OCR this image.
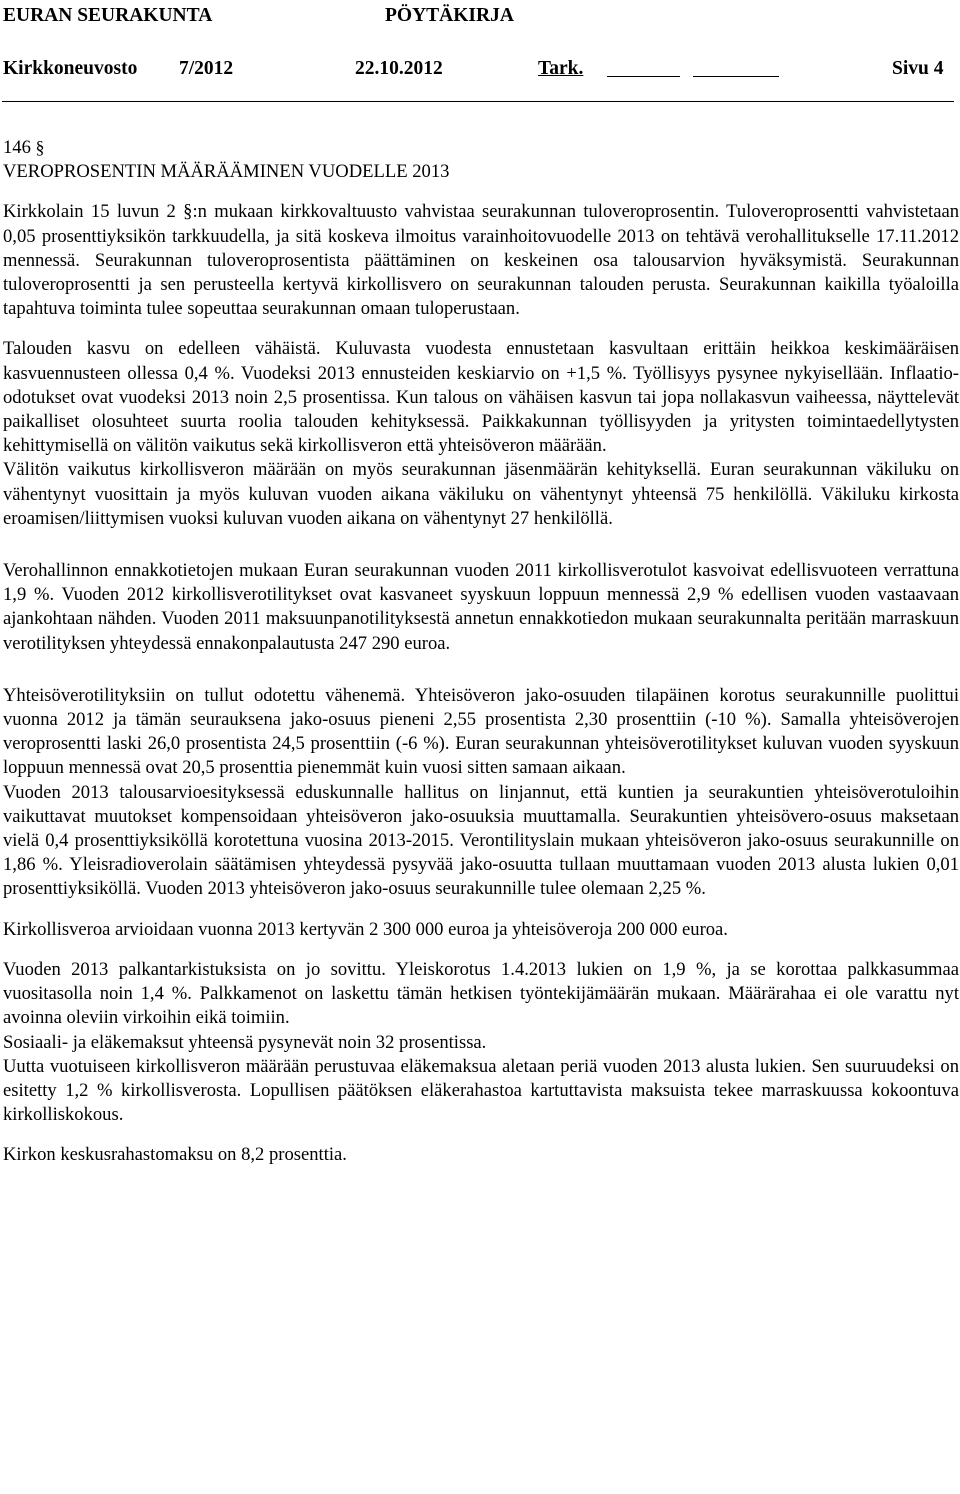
EURAN SEURAKUNTA	PÖYTÄKIRJA
Kirkkoneuvosto 7/2012	22.10.2012	Tark.	Sivu 4

146 §

VEROPROSENTIN MÄÄRÄÄMINEN VUODELLE 2013

Kirkkolain 15 luvun 2 §:n mukaan kirkkovaltuusto vahvistaa seurakunnan tuloveroprosentin. Tuloveroprosentti vahvistetaan 0,05 prosenttiyksikön tarkkuudella, ja sitä koskeva ilmoitus varainhoitovuodelle 2013 on tehtävä verohallitukselle 17.11.2012 mennessä. Seurakunnan tuloveroprosentista päättäminen on keskeinen osa talousarvion hyväksymistä. Seurakunnan tuloveroprosentti ja sen perusteella kertyvä kirkollisvero on seurakunnan talouden perusta. Seurakunnan kaikilla työaloilla tapahtuva toiminta tulee sopeuttaa seurakunnan omaan tuloperustaan.

Talouden kasvu on edelleen vähäistä. Kuluvasta vuodesta ennustetaan kasvultaan erittäin heikkoa keskimääräisen kasvuennusteen ollessa 0,4 %. Vuodeksi 2013 ennusteiden keskiarvio on +1,5 %. Työllisyys pysynee nykyisellään. Inflaatio-odotukset ovat vuodeksi 2013 noin 2,5 prosentissa. Kun talous on vähäisen kasvun tai jopa nollakasvun vaiheessa, näyttelevät paikalliset olosuhteet suurta roolia talouden kehityksessä. Paikkakunnan työllisyyden ja yritysten toimintaedellytysten kehittymisellä on välitön vaikutus sekä kirkollisveron että yhteisöveron määrään.

Välitön vaikutus kirkollisveron määrään on myös seurakunnan jäsenmäärän kehityksellä. Euran seurakunnan väkiluku on vähentynyt vuosittain ja myös kuluvan vuoden aikana väkiluku on vähentynyt yhteensä 75 henkilöllä. Väkiluku kirkosta eroamisen/liittymisen vuoksi kuluvan vuoden aikana on vähentynyt 27 henkilöllä.

Verohallinnon ennakkotietojen mukaan Euran seurakunnan vuoden 2011 kirkollisverotulot kasvoivat edellisvuoteen verrattuna 1,9 %. Vuoden 2012 kirkollisverotilitykset ovat kasvaneet syyskuun loppuun mennessä 2,9 % edellisen vuoden vastaavaan ajankohtaan nähden. Vuoden 2011 maksuunpanotilityksestä annetun ennakkotiedon mukaan seurakunnalta peritään marraskuun verotilityksen yhteydessä ennakonpalautusta 247 290 euroa.

Yhteisöverotilityksiin on tullut odotettu vähenemä. Yhteisöveron jako-osuuden tilapäinen korotus seurakunnille puolittui vuonna 2012 ja tämän seurauksena jako-osuus pieneni 2,55 prosentista 2,30 prosenttiin (-10 %). Samalla yhteisöverojen veroprosentti laski 26,0 prosentista 24,5 prosenttiin (-6 %). Euran seurakunnan yhteisöverotilitykset kuluvan vuoden syyskuun loppuun mennessä ovat 20,5 prosenttia pienemmät kuin vuosi sitten samaan aikaan.

Vuoden 2013 talousarvioesityksessä eduskunnalle hallitus on linjannut, että kuntien ja seurakuntien yhteisöverotuloihin vaikuttavat muutokset kompensoidaan yhteisöveron jako-osuuksia muuttamalla. Seurakuntien yhteisövero-osuus maksetaan vielä 0,4 prosenttiyksiköllä korotettuna vuosina 2013-2015. Verontilityslain mukaan yhteisöveron jako-osuus seurakunnille on 1,86 %. Yleisradioverolain säätämisen yhteydessä pysyvää jako-osuutta tullaan muuttamaan vuoden 2013 alusta lukien 0,01 prosenttiyksiköllä. Vuoden 2013 yhteisöveron jako-osuus seurakunnille tulee olemaan 2,25 %.

Kirkollisveroa arvioidaan vuonna 2013 kertyvän 2 300 000 euroa ja yhteisöveroja 200 000 euroa.

Vuoden 2013 palkantarkistuksista on jo sovittu. Yleiskorotus 1.4.2013 lukien on 1,9 %, ja se korottaa palkkasummaa vuositasolla noin 1,4 %. Palkkamenot on laskettu tämän hetkisen työntekijämäärän mukaan. Määrärahaa ei ole varattu nyt avoinna oleviin virkoihin eikä toimiin.

Sosiaali- ja eläkemaksut yhteensä pysynevät noin 32 prosentissa.

Uutta vuotuiseen kirkollisveron määrään perustuvaa eläkemaksua aletaan periä vuoden 2013 alusta lukien. Sen suuruudeksi on esitetty 1,2 % kirkollisverosta. Lopullisen päätöksen eläkerahastoa kartuttavista maksuista tekee marraskuussa kokoontuva kirkolliskokous.

Kirkon keskusrahastomaksu on 8,2 prosenttia.
